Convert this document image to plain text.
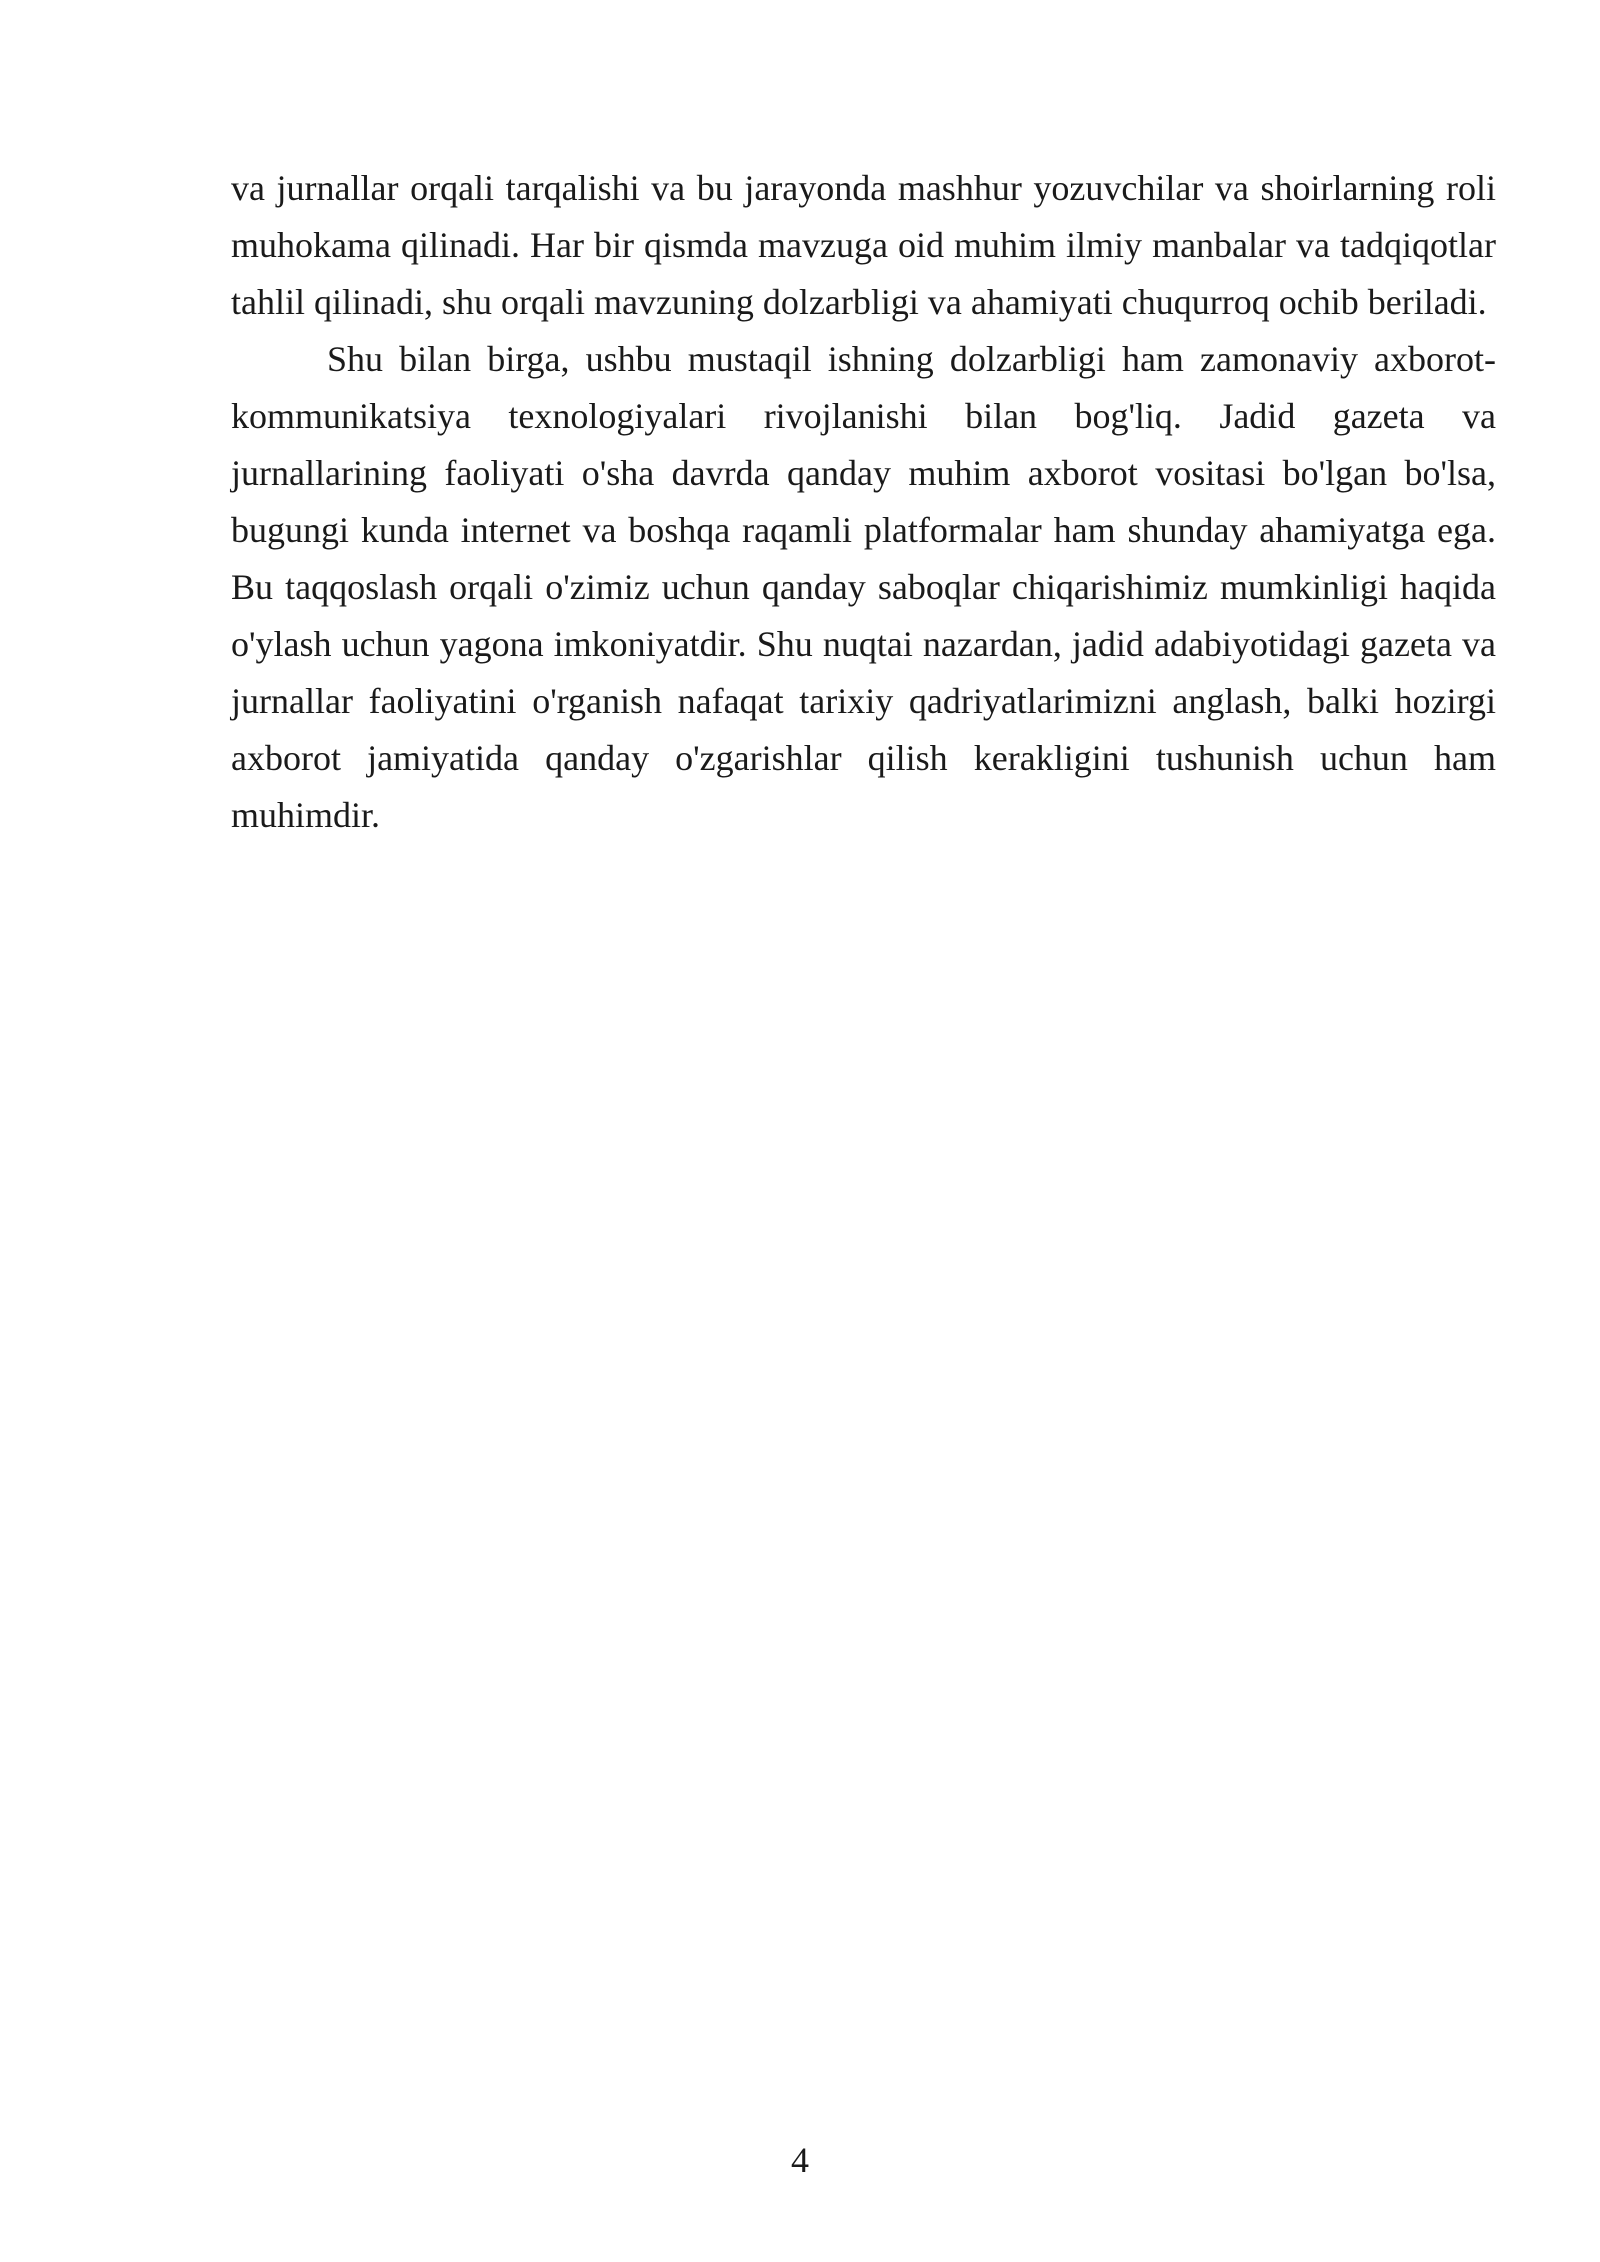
va jurnallar orqali tarqalishi va bu jarayonda mashhur yozuvchilar va shoirlarning roli muhokama qilinadi. Har bir qismda mavzuga oid muhim ilmiy manbalar va tadqiqotlar tahlil qilinadi, shu orqali mavzuning dolzarbligi va ahamiyati chuqurroq ochib beriladi.

Shu bilan birga, ushbu mustaqil ishning dolzarbligi ham zamonaviy axborot-kommunikatsiya texnologiyalari rivojlanishi bilan bog'liq. Jadid gazeta va jurnallarining faoliyati o'sha davrda qanday muhim axborot vositasi bo'lgan bo'lsa, bugungi kunda internet va boshqa raqamli platformalar ham shunday ahamiyatga ega. Bu taqqoslash orqali o'zimiz uchun qanday saboqlar chiqarishimiz mumkinligi haqida o'ylash uchun yagona imkoniyatdir. Shu nuqtai nazardan, jadid adabiyotidagi gazeta va jurnallar faoliyatini o'rganish nafaqat tarixiy qadriyatlarimizni anglash, balki hozirgi axborot jamiyatida qanday o'zgarishlar qilish kerakligini tushunish uchun ham muhimdir.

4
